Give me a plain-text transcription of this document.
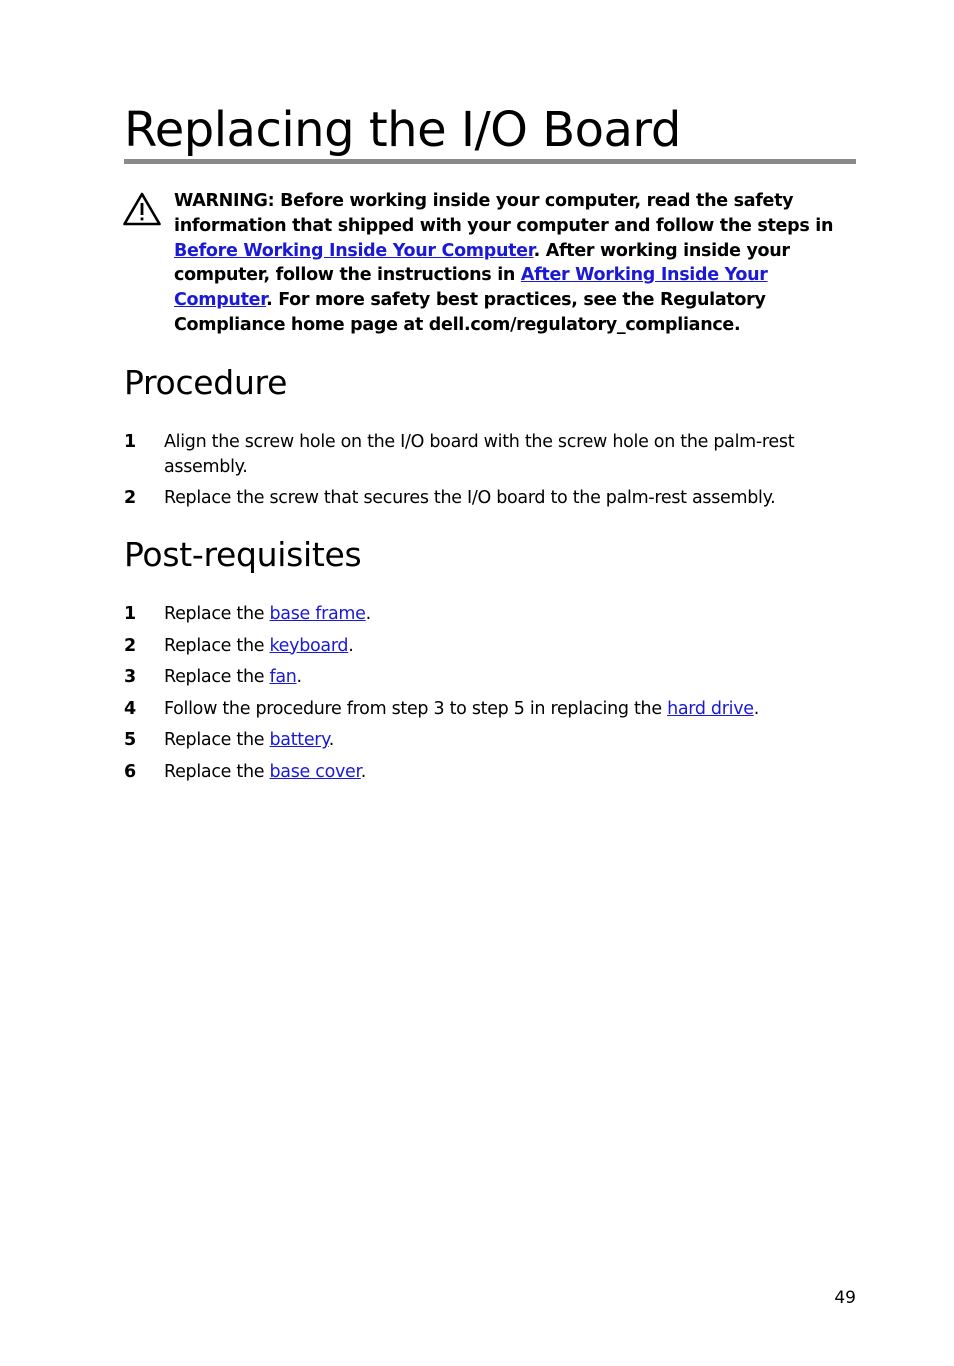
Replacing the I/O Board

WARNING: Before working inside your computer, read the safety information that shipped with your computer and follow the steps in Before Working Inside Your Computer. After working inside your computer, follow the instructions in After Working Inside Your Computer. For more safety best practices, see the Regulatory Compliance home page at dell.com/regulatory_compliance.

Procedure
1 Align the screw hole on the I/O board with the screw hole on the palm-rest assembly.
2 Replace the screw that secures the I/O board to the palm-rest assembly.
Post-requisites
1 Replace the base frame.
2 Replace the keyboard.
3 Replace the fan.
4 Follow the procedure from step 3 to step 5 in replacing the hard drive.
5 Replace the battery.
6 Replace the base cover.
49
